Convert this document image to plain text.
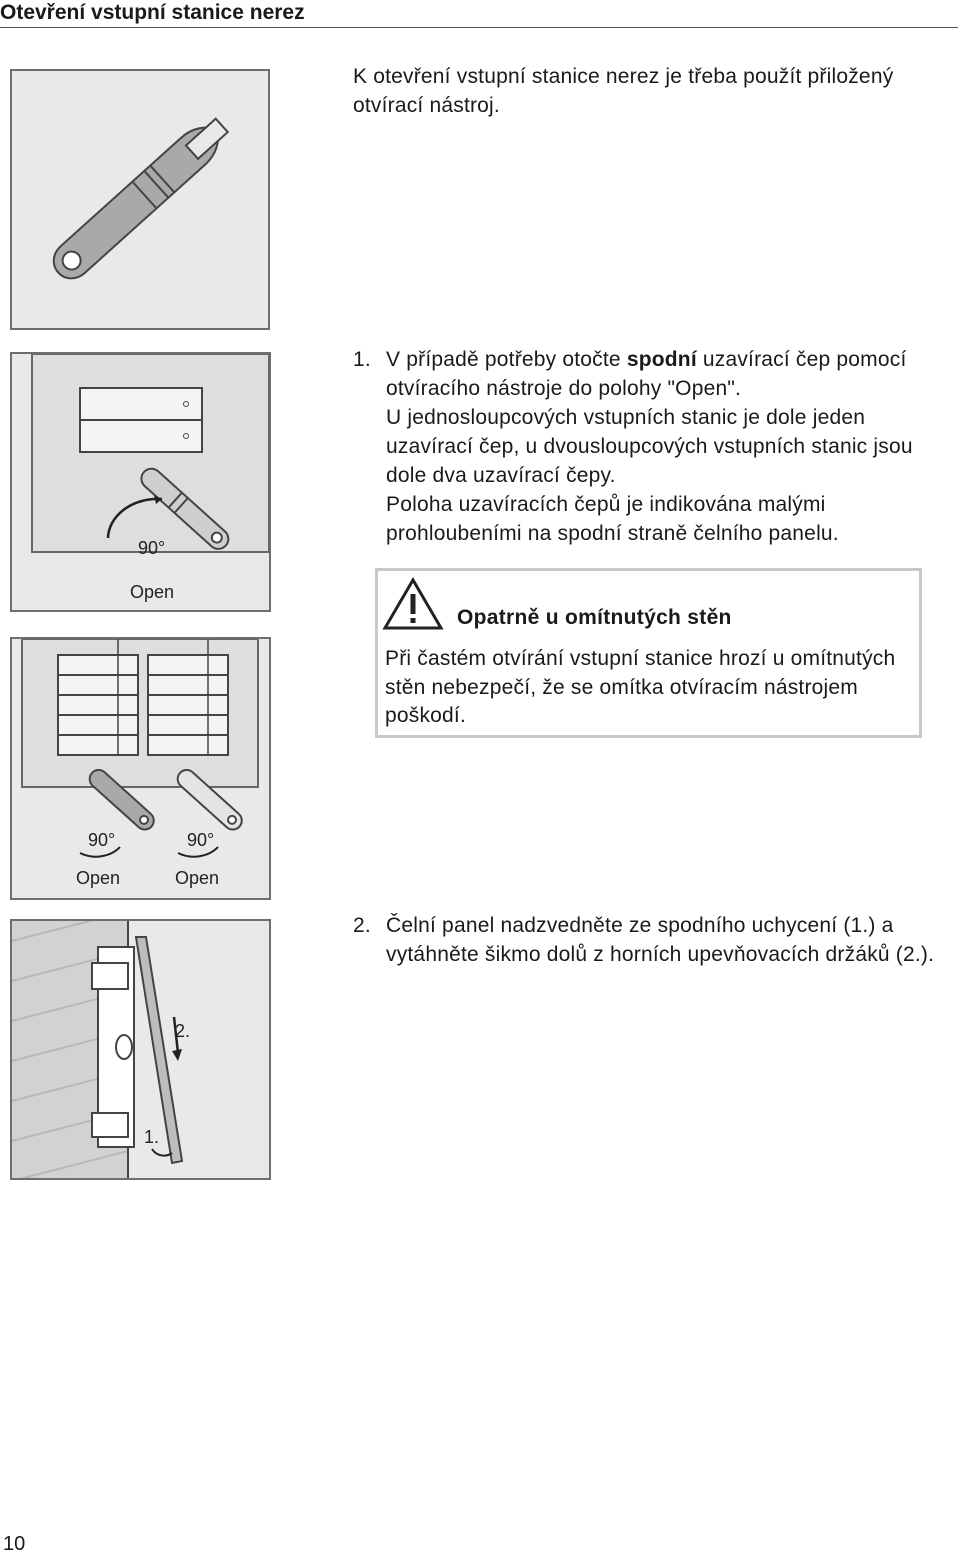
Otevření vstupní stanice nerez
90°
Open
90°	90°
Open	Open
2.
1.
K otevření vstupní stanice nerez je třeba použít přiložený otvírací nástroj.
1. V případě potřeby otočte spodní uzavírací čep pomocí otvíracího nástroje do polohy "Open".

U jednosloupcových vstupních stanic je dole jeden uzavírací čep, u dvousloupcových vstupních stanic jsou dole dva uzavírací čepy.

Poloha uzavíracích čepů je indikována malými prohloubeními na spodní straně čelního panelu.

Opatrně u omítnutých stěn
Při častém otvírání vstupní stanice hrozí u omítnutých stěn nebezpečí, že se omítka otvíracím nástrojem poškodí.
2. Čelní panel nadzvedněte ze spodního uchycení (1.) a vytáhněte šikmo dolů z horních upevňovacích držáků (2.).
10
